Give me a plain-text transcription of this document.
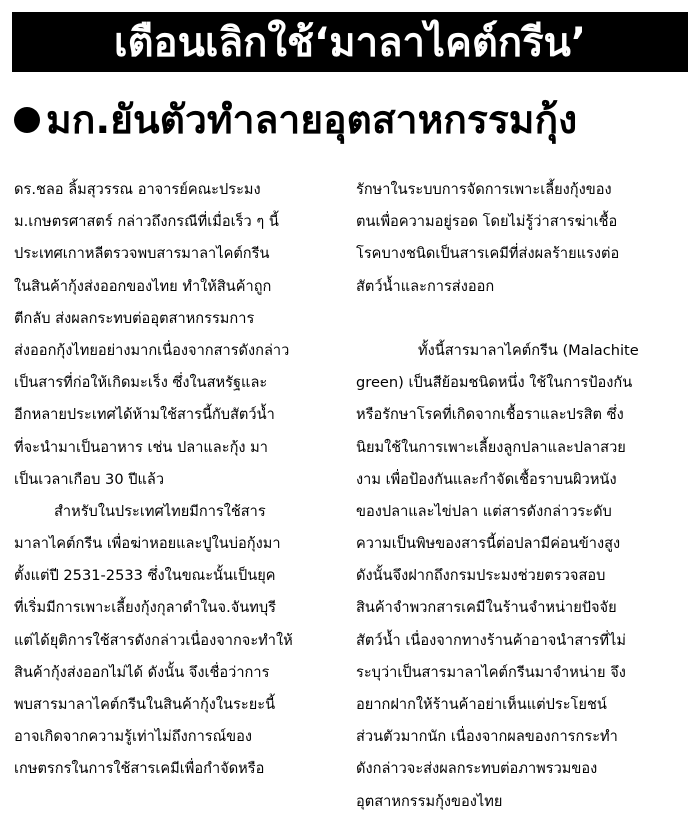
เตือนเลิกใช้‘มาลาไคต์กรีน’
มก.ยันตัวทำลายอุตสาหกรรมกุ้ง
ดร.ชลอ ลิ้มสุวรรณ อาจารย์คณะประมง
ม.เกษตรศาสตร์ กล่าวถึงกรณีที่เมื่อเร็ว ๆ นี้
ประเทศเกาหลีตรวจพบสารมาลาไคต์กรีน
ในสินค้ากุ้งส่งออกของไทย ทำให้สินค้าถูก
ตีกลับ ส่งผลกระทบต่ออุตสาหกรรมการ
ส่งออกกุ้งไทยอย่างมากเนื่องจากสารดังกล่าว
เป็นสารที่ก่อให้เกิดมะเร็ง ซึ่งในสหรัฐและ
อีกหลายประเทศได้ห้ามใช้สารนี้กับสัตว์น้ำ
ที่จะนำมาเป็นอาหาร เช่น ปลาและกุ้ง มา
เป็นเวลาเกือบ 30 ปีแล้ว
สำหรับในประเทศไทยมีการใช้สาร
มาลาไคต์กรีน เพื่อฆ่าหอยและปูในบ่อกุ้งมา
ตั้งแต่ปี 2531-2533 ซึ่งในขณะนั้นเป็นยุค
ที่เริ่มมีการเพาะเลี้ยงกุ้งกุลาดำในจ.จันทบุรี
แต่ได้ยุติการใช้สารดังกล่าวเนื่องจากจะทำให้
สินค้ากุ้งส่งออกไม่ได้ ดังนั้น จึงเชื่อว่าการ
พบสารมาลาไคต์กรีนในสินค้ากุ้งในระยะนี้
อาจเกิดจากความรู้เท่าไม่ถึงการณ์ของ
เกษตรกรในการใช้สารเคมีเพื่อกำจัดหรือ
รักษาในระบบการจัดการเพาะเลี้ยงกุ้งของ
ตนเพื่อความอยู่รอด โดยไม่รู้ว่าสารฆ่าเชื้อ
โรคบางชนิดเป็นสารเคมีที่ส่งผลร้ายแรงต่อ
สัตว์น้ำและการส่งออก
ทั้งนี้สารมาลาไคต์กรีน (Malachite
green) เป็นสีย้อมชนิดหนึ่ง ใช้ในการป้องกัน
หรือรักษาโรคที่เกิดจากเชื้อราและปรสิต ซึ่ง
นิยมใช้ในการเพาะเลี้ยงลูกปลาและปลาสวย
งาม เพื่อป้องกันและกำจัดเชื้อราบนผิวหนัง
ของปลาและไข่ปลา แต่สารดังกล่าวระดับ
ความเป็นพิษของสารนี้ต่อปลามีค่อนข้างสูง
ดังนั้นจึงฝากถึงกรมประมงช่วยตรวจสอบ
สินค้าจำพวกสารเคมีในร้านจำหน่ายปัจจัย
สัตว์น้ำ เนื่องจากทางร้านค้าอาจนำสารที่ไม่
ระบุว่าเป็นสารมาลาไคต์กรีนมาจำหน่าย จึง
อยากฝากให้ร้านค้าอย่าเห็นแต่ประโยชน์
ส่วนตัวมากนัก เนื่องจากผลของการกระทำ
ดังกล่าวจะส่งผลกระทบต่อภาพรวมของ
อุตสาหกรรมกุ้งของไทย
